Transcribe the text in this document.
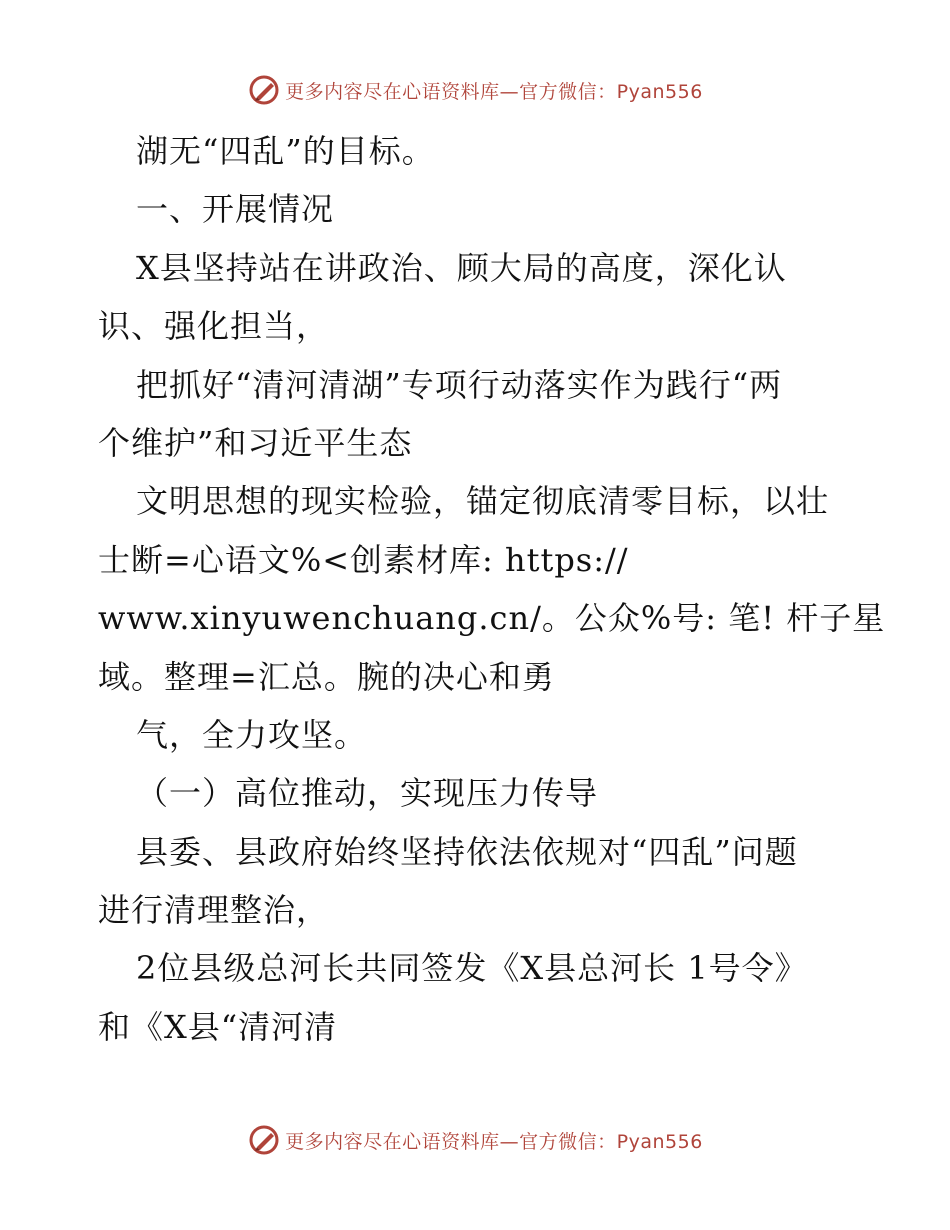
更多内容尽在心语资料库—官方微信：Pyan556
湖无“四乱”的目标。
一、开展情况
X县坚持站在讲政治、顾大局的高度，深化认
识、强化担当，
把抓好“清河清湖”专项行动落实作为践行“两
个维护”和习近平生态
文明思想的现实检验，锚定彻底清零目标，以壮
士断=心语文%<创素材库: https://
www.xinyuwenchuang.cn/。公众%号: 笔! 杆子星
域。整理=汇总。腕的决心和勇
气，全力攻坚。
（一）高位推动，实现压力传导
县委、县政府始终坚持依法依规对“四乱”问题
进行清理整治，
2位县级总河长共同签发《X县总河长 1号令》
和《X县“清河清
更多内容尽在心语资料库—官方微信：Pyan556
